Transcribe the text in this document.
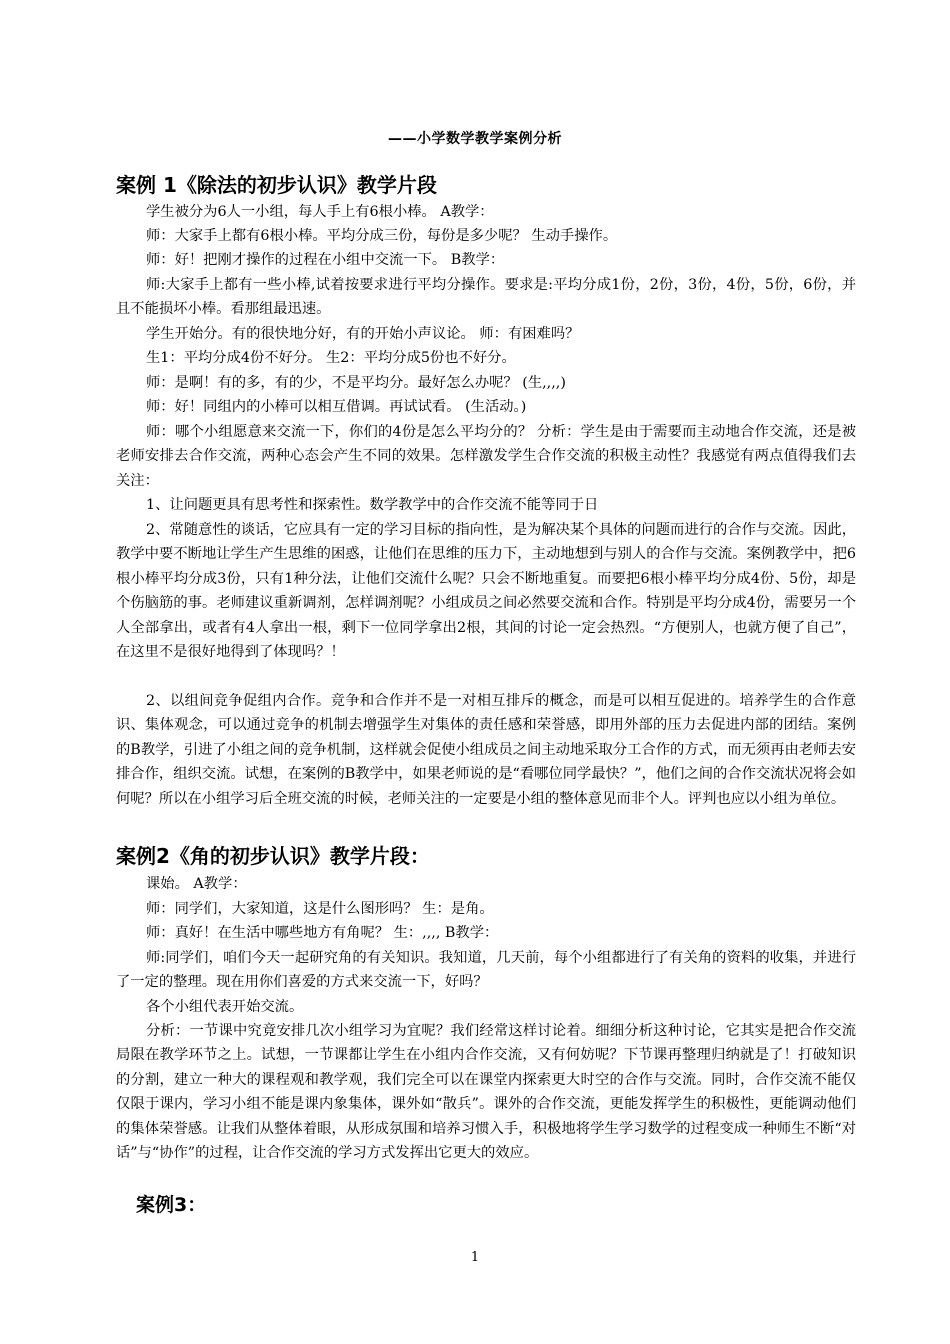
——小学数学教学案例分析
案例 1《除法的初步认识》教学片段
学生被分为6人一小组，每人手上有6根小棒。 A教学：
师：大家手上都有6根小棒。平均分成三份，每份是多少呢？ 生动手操作。
师：好！把刚才操作的过程在小组中交流一下。 B教学：
师:大家手上都有一些小棒,试着按要求进行平均分操作。要求是:平均分成1份，2份，3份，4份，5份，6份，并且不能损坏小棒。看那组最迅速。
学生开始分。有的很快地分好，有的开始小声议论。 师：有困难吗？
生1：平均分成4份不好分。 生2：平均分成5份也不好分。
师：是啊！有的多，有的少，不是平均分。最好怎么办呢？ (生,,,,)
师：好！同组内的小棒可以相互借调。再试试看。 (生活动。)
师：哪个小组愿意来交流一下，你们的4份是怎么平均分的？ 分析：学生是由于需要而主动地合作交流，还是被老师安排去合作交流，两种心态会产生不同的效果。怎样激发学生合作交流的积极主动性？我感觉有两点值得我们去关注：
1、让问题更具有思考性和探索性。数学教学中的合作交流不能等同于日
2、常随意性的谈话，它应具有一定的学习目标的指向性，是为解决某个具体的问题而进行的合作与交流。因此，教学中要不断地让学生产生思维的困惑，让他们在思维的压力下，主动地想到与别人的合作与交流。案例教学中，把6根小棒平均分成3份，只有1种分法，让他们交流什么呢？只会不断地重复。而要把6根小棒平均分成4份、5份，却是个伤脑筋的事。老师建议重新调剂，怎样调剂呢？小组成员之间必然要交流和合作。特别是平均分成4份，需要另一个人全部拿出，或者有4人拿出一根，剩下一位同学拿出2根，其间的讨论一定会热烈。“方便别人，也就方便了自己”，在这里不是很好地得到了体现吗？！
2、以组间竞争促组内合作。竞争和合作并不是一对相互排斥的概念，而是可以相互促进的。培养学生的合作意识、集体观念，可以通过竞争的机制去增强学生对集体的责任感和荣誉感，即用外部的压力去促进内部的团结。案例的B教学，引进了小组之间的竞争机制，这样就会促使小组成员之间主动地采取分工合作的方式，而无须再由老师去安排合作，组织交流。试想，在案例的B教学中，如果老师说的是“看哪位同学最快？”，他们之间的合作交流状况将会如何呢？所以在小组学习后全班交流的时候，老师关注的一定要是小组的整体意见而非个人。评判也应以小组为单位。
案例2《角的初步认识》教学片段：
课始。 A教学：
师：同学们，大家知道，这是什么图形吗？ 生：是角。
师：真好！在生活中哪些地方有角呢？ 生：,,,, B教学：
师:同学们，咱们今天一起研究角的有关知识。我知道，几天前，每个小组都进行了有关角的资料的收集，并进行了一定的整理。现在用你们喜爱的方式来交流一下，好吗？
各个小组代表开始交流。
分析：一节课中究竟安排几次小组学习为宜呢？我们经常这样讨论着。细细分析这种讨论，它其实是把合作交流局限在教学环节之上。试想，一节课都让学生在小组内合作交流，又有何妨呢？下节课再整理归纳就是了！打破知识的分割，建立一种大的课程观和教学观，我们完全可以在课堂内探索更大时空的合作与交流。同时，合作交流不能仅仅限于课内，学习小组不能是课内象集体，课外如“散兵”。课外的合作交流，更能发挥学生的积极性，更能调动他们的集体荣誉感。让我们从整体着眼，从形成氛围和培养习惯入手，积极地将学生学习数学的过程变成一种师生不断“对话”与“协作”的过程，让合作交流的学习方式发挥出它更大的效应。
案例3：
1
